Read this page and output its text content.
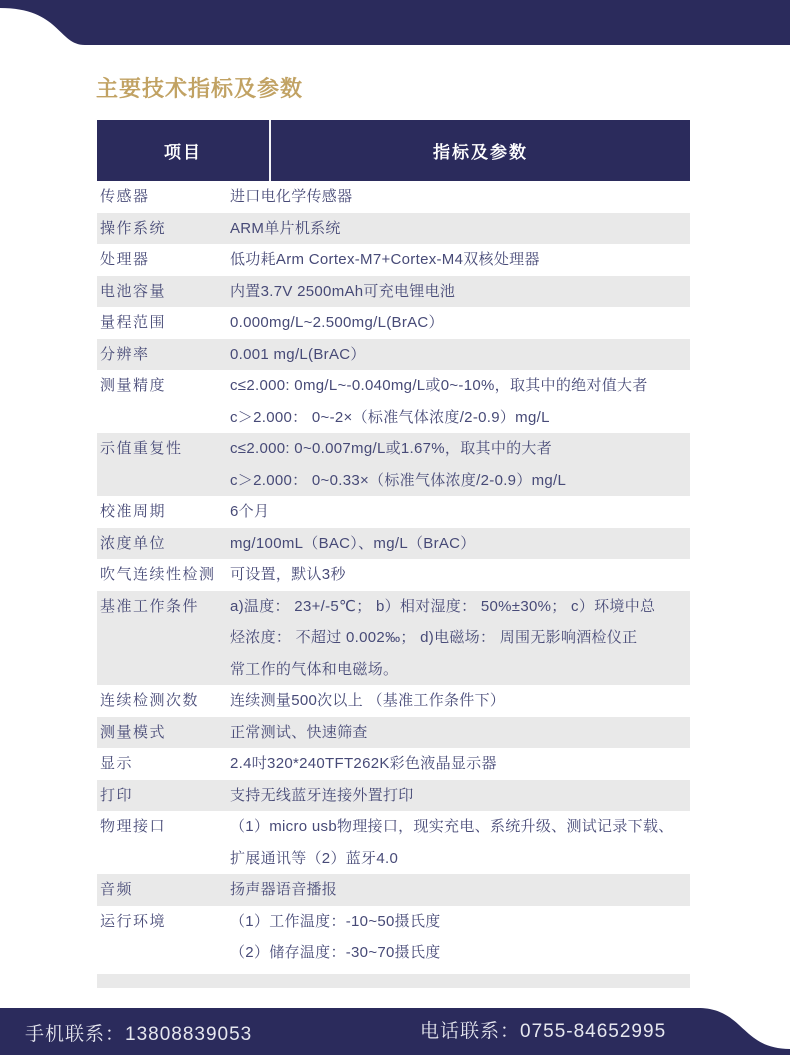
主要技术指标及参数
项目	指标及参数
传感器	进口电化学传感器
操作系统	ARM单片机系统
处理器	低功耗Arm Cortex-M7+Cortex-M4双核处理器
电池容量	内置3.7V 2500mAh可充电锂电池
量程范围	0.000mg/L~2.500mg/L(BrAC）
分辨率	0.001 mg/L(BrAC）
测量精度	c≤2.000: 0mg/L~-0.040mg/L或0~-10%，取其中的绝对值大者
c＞2.000： 0~-2×（标准气体浓度/2-0.9）mg/L
示值重复性	c≤2.000: 0~0.007mg/L或1.67%，取其中的大者
c＞2.000： 0~0.33×（标准气体浓度/2-0.9）mg/L
校准周期	6个月
浓度单位	mg/100mL（BAC）、mg/L（BrAC）
吹气连续性检测 可设置，默认3秒
基准工作条件	a)温度： 23+/-5℃； b）相对湿度： 50%±30%； c）环境中总
烃浓度： 不超过 0.002‰； d)电磁场： 周围无影响酒检仪正
常工作的气体和电磁场。
连续检测次数	连续测量500次以上 （基准工作条件下）
测量模式	正常测试、快速筛查
显示	2.4吋320*240TFT262K彩色液晶显示器
打印	支持无线蓝牙连接外置打印
物理接口	（1）micro usb物理接口，现实充电、系统升级、测试记录下载、
扩展通讯等（2）蓝牙4.0
音频	扬声器语音播报
运行环境	（1）工作温度：-10~50摄氏度
（2）储存温度：-30~70摄氏度
手机联系：13808839053	电话联系：0755-84652995
